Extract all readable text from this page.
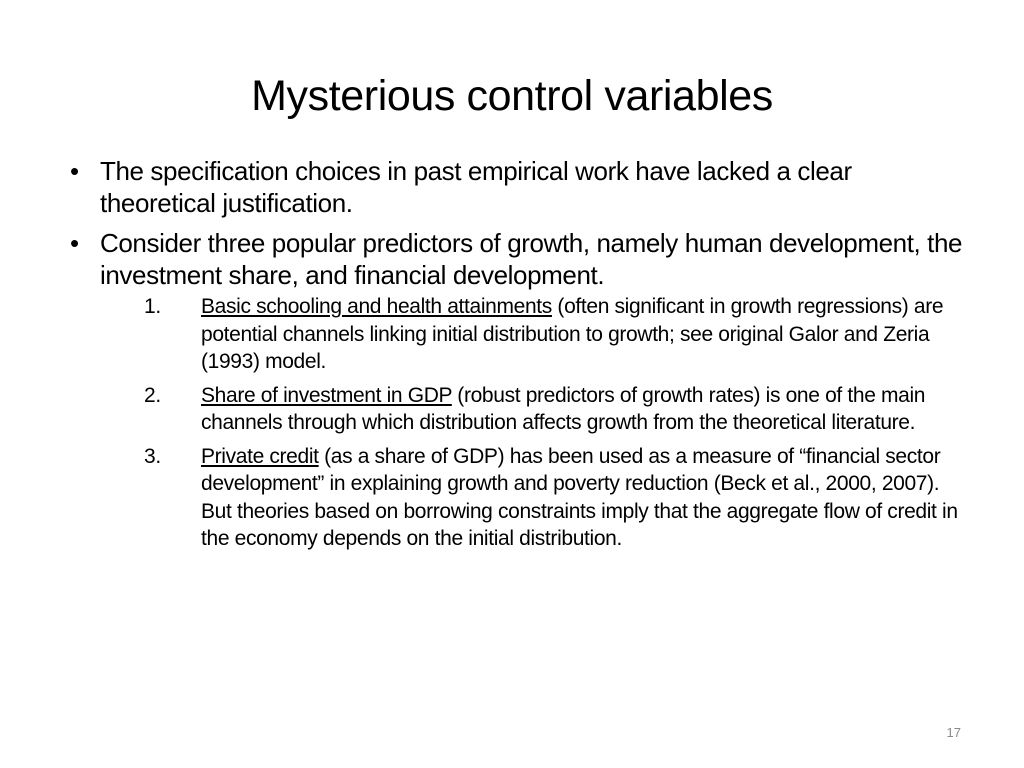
Mysterious control variables
• The specification choices in past empirical work have lacked a clear theoretical justification.
• Consider three popular predictors of growth, namely human development, the investment share, and financial development.
1.	Basic schooling and health attainments (often significant in growth regressions) are potential channels linking initial distribution to growth; see original Galor and Zeria (1993) model.
2.	Share of investment in GDP (robust predictors of growth rates) is one of the main channels through which distribution affects growth from the theoretical literature.
3.	Private credit (as a share of GDP) has been used as a measure of “financial sector development” in explaining growth and poverty reduction (Beck et al., 2000, 2007). But theories based on borrowing constraints imply that the aggregate flow of credit in the economy depends on the initial distribution.
17
